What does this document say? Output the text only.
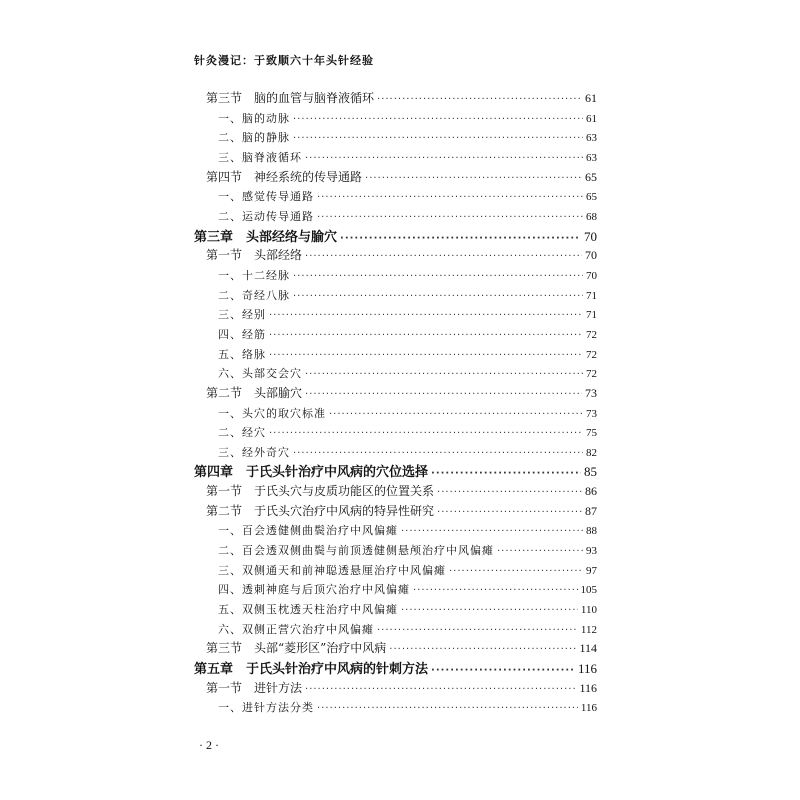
针灸漫记：于致顺六十年头针经验
第三节　脑的血管与脑脊液循环 ·····	61
一、脑的动脉 ·····	61
二、脑的静脉 ·····	63
三、脑脊液循环 ·····	63
第四节　神经系统的传导通路 ·····	65
一、感觉传导通路 ·····	65
二、运动传导通路 ·····	68
第三章　头部经络与腧穴 ·····	70
第一节　头部经络 ·····	70
一、十二经脉 ·····	70
二、奇经八脉 ·····	71
三、经别 ·····	71
四、经筋 ·····	72
五、络脉 ·····	72
六、头部交会穴 ·····	72
第二节　头部腧穴 ·····	73
一、头穴的取穴标准 ·····	73
二、经穴 ·····	75
三、经外奇穴 ·····	82
第四章　于氏头针治疗中风病的穴位选择 ·····	85
第一节　于氏头穴与皮质功能区的位置关系 ·····	86
第二节　于氏头穴治疗中风病的特异性研究 ·····	87
一、百会透健侧曲鬓治疗中风偏瘫 ·····	88
二、百会透双侧曲鬓与前顶透健侧悬颅治疗中风偏瘫 ·····	93
三、双侧通天和前神聪透悬厘治疗中风偏瘫 ·····	97
四、透刺神庭与后顶穴治疗中风偏瘫 ·····	105
五、双侧玉枕透天柱治疗中风偏瘫 ·····	110
六、双侧正营穴治疗中风偏瘫 ·····	112
第三节　头部“菱形区”治疗中风病 ·····	114
第五章　于氏头针治疗中风病的针刺方法 ·····	116
第一节　进针方法 ·····	116
一、进针方法分类 ·····	116
· 2 ·
